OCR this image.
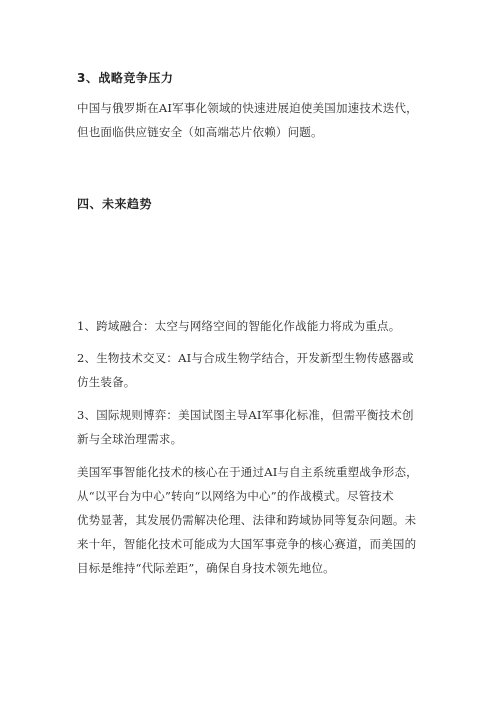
3、战略竞争压力

中国与俄罗斯在AI军事化领域的快速进展迫使美国加速技术迭代，
但也面临供应链安全（如高端芯片依赖）问题。

四、未来趋势

1、跨域融合：太空与网络空间的智能化作战能力将成为重点。

2、生物技术交叉：AI与合成生物学结合，开发新型生物传感器或
仿生装备。

3、国际规则博弈：美国试图主导AI军事化标准，但需平衡技术创
新与全球治理需求。

美国军事智能化技术的核心在于通过AI与自主系统重塑战争形态，
从“以平台为中心”转向“以网络为中心”的作战模式。尽管技术
优势显著，其发展仍需解决伦理、法律和跨域协同等复杂问题。未
来十年，智能化技术可能成为大国军事竞争的核心赛道，而美国的
目标是维持“代际差距”，确保自身技术领先地位。
